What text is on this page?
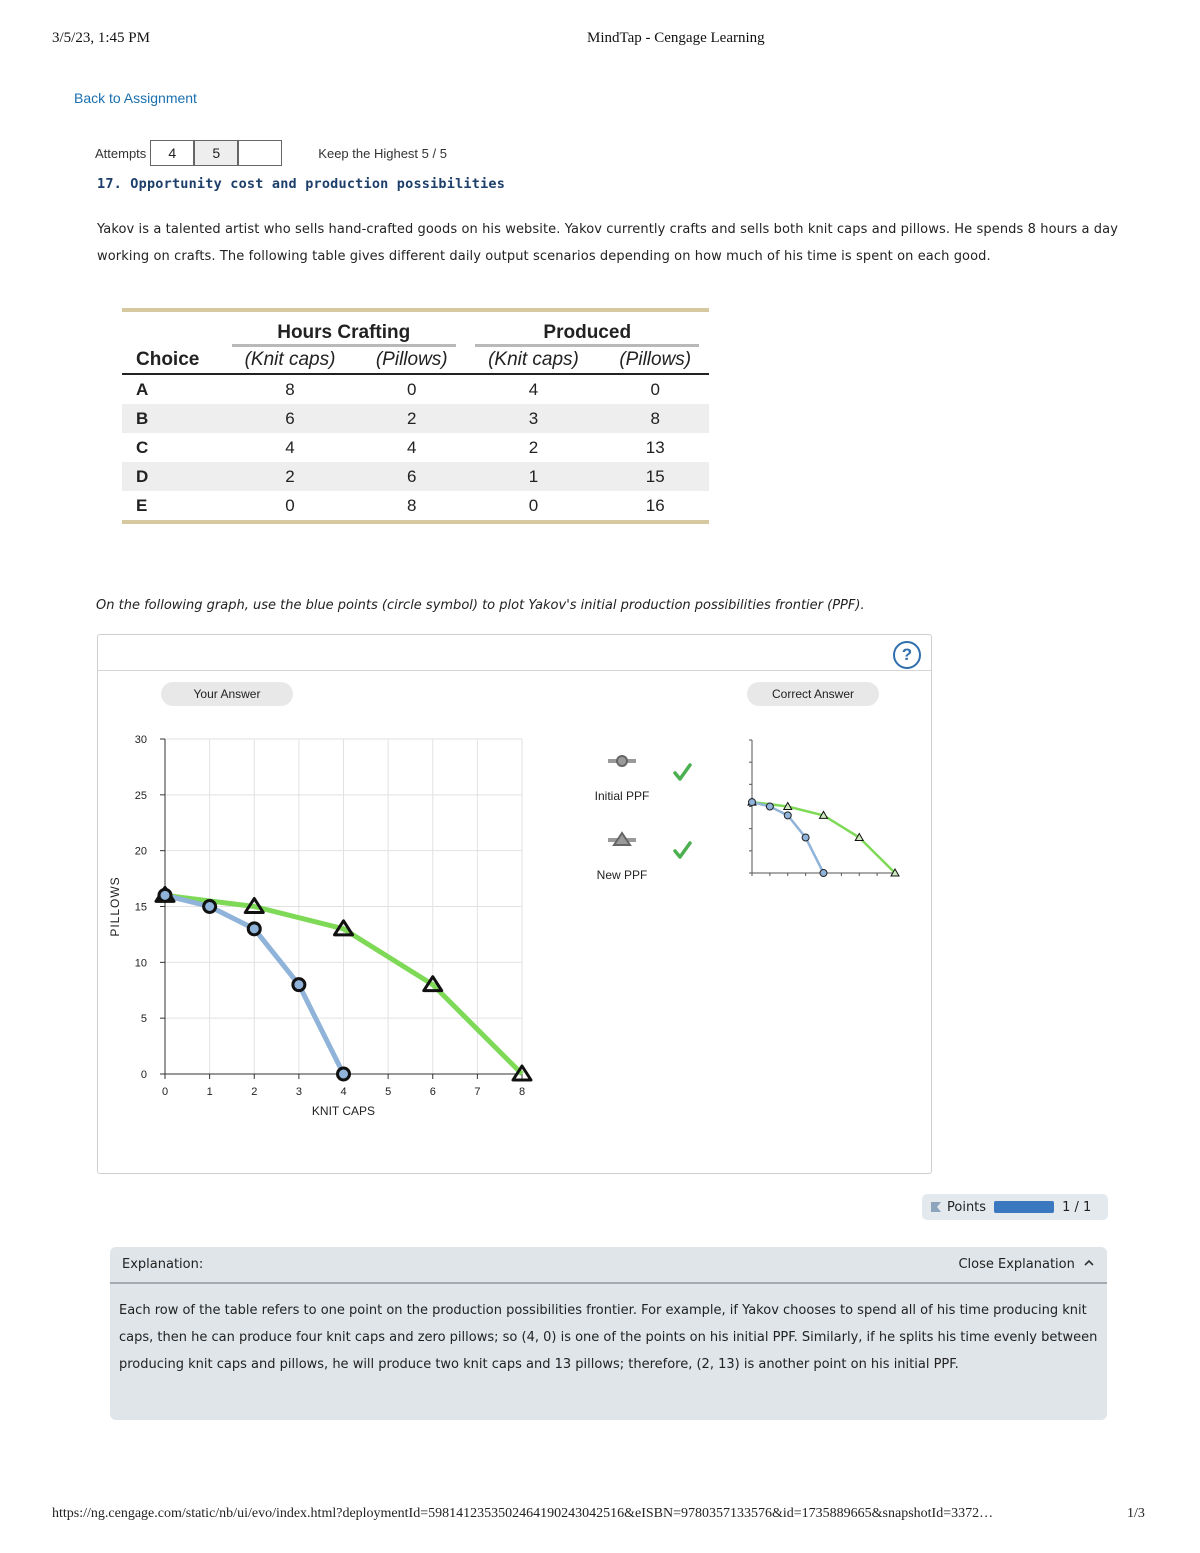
3/5/23, 1:45 PM	MindTap - Cengage Learning
Back to Assignment
Attempts	4	5	Keep the Highest 5 / 5
17. Opportunity cost and production possibilities
Yakov is a talented artist who sells hand-crafted goods on his website. Yakov currently crafts and sells both knit caps and pillows. He spends 8 hours a day working on crafts. The following table gives different daily output scenarios depending on how much of his time is spent on each good.

	Hours Crafting		Produced	
Choice	(Knit caps)	(Pillows)	(Knit caps)	(Pillows)
A	8	0	4	0
B	6	2	3	8
C	4	4	2	13
D	2	6	1	15
E	0	8	0	16

On the following graph, use the blue points (circle symbol) to plot Yakov's initial production possibilities frontier (PPF).
?
Your Answer	Correct Answer
0	1	2	3	4	5	6	7	8
0
5
10
15
20
25
30
KNIT CAPS
PILLOWS
Initial PPF
New PPF
Points	1 / 1
Explanation:	Close Explanation
Each row of the table refers to one point on the production possibilities frontier. For example, if Yakov chooses to spend all of his time producing knit caps, then he can produce four knit caps and zero pillows; so (4, 0) is one of the points on his initial PPF. Similarly, if he splits his time evenly between producing knit caps and pillows, he will produce two knit caps and 13 pillows; therefore, (2, 13) is another point on his initial PPF.
https://ng.cengage.com/static/nb/ui/evo/index.html?deploymentId=5981412353502464190243042516&eISBN=9780357133576&id=1735889665&snapshotId=3372…	1/3
